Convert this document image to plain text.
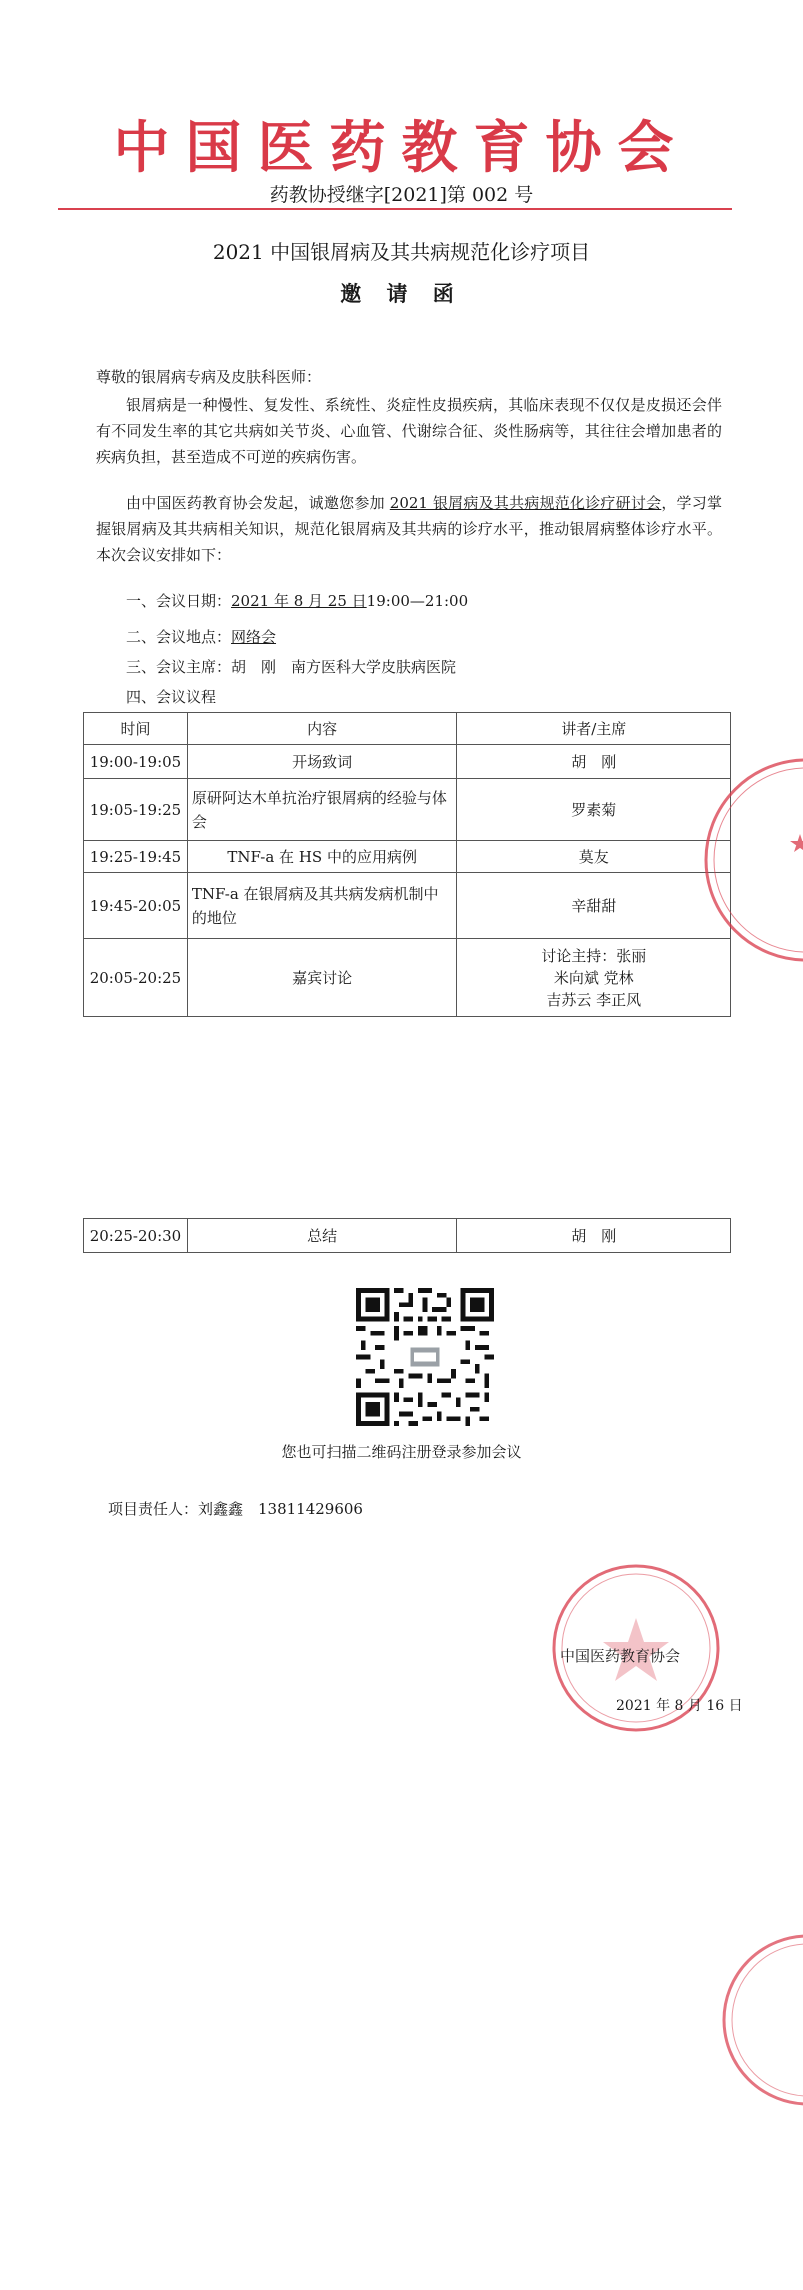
中国医药教育协会
药教协授继字[2021]第 002 号
2021 中国银屑病及其共病规范化诊疗项目
邀 请 函
尊敬的银屑病专病及皮肤科医师：
银屑病是一种慢性、复发性、系统性、炎症性皮损疾病，其临床表现不仅仅是皮损还会伴有不同发生率的其它共病如关节炎、心血管、代谢综合征、炎性肠病等，其往往会增加患者的疾病负担，甚至造成不可逆的疾病伤害。
由中国医药教育协会发起，诚邀您参加 2021 银屑病及其共病规范化诊疗研讨会，学习掌握银屑病及其共病相关知识，规范化银屑病及其共病的诊疗水平，推动银屑病整体诊疗水平。本次会议安排如下：
一、会议日期：2021 年 8 月 25 日19:00—21:00
二、会议地点：网络会
三、会议主席：胡　刚　南方医科大学皮肤病医院
四、会议议程
时间	内容	讲者/主席
19:00-19:05	开场致词	胡　刚
19:05-19:25	原研阿达木单抗治疗银屑病的经验与体会	罗素菊
19:25-19:45	TNF-a 在 HS 中的应用病例	莫友
19:45-20:05	TNF-a 在银屑病及其共病发病机制中的地位	辛甜甜
20:05-20:25	嘉宾讨论	讨论主持：张丽
米向斌 党林
吉苏云 李正风
20:25-20:30	总结	胡　刚
您也可扫描二维码注册登录参加会议
项目责任人：刘鑫鑫　13811429606
中国医药教育协会
2021 年 8 月 16 日
